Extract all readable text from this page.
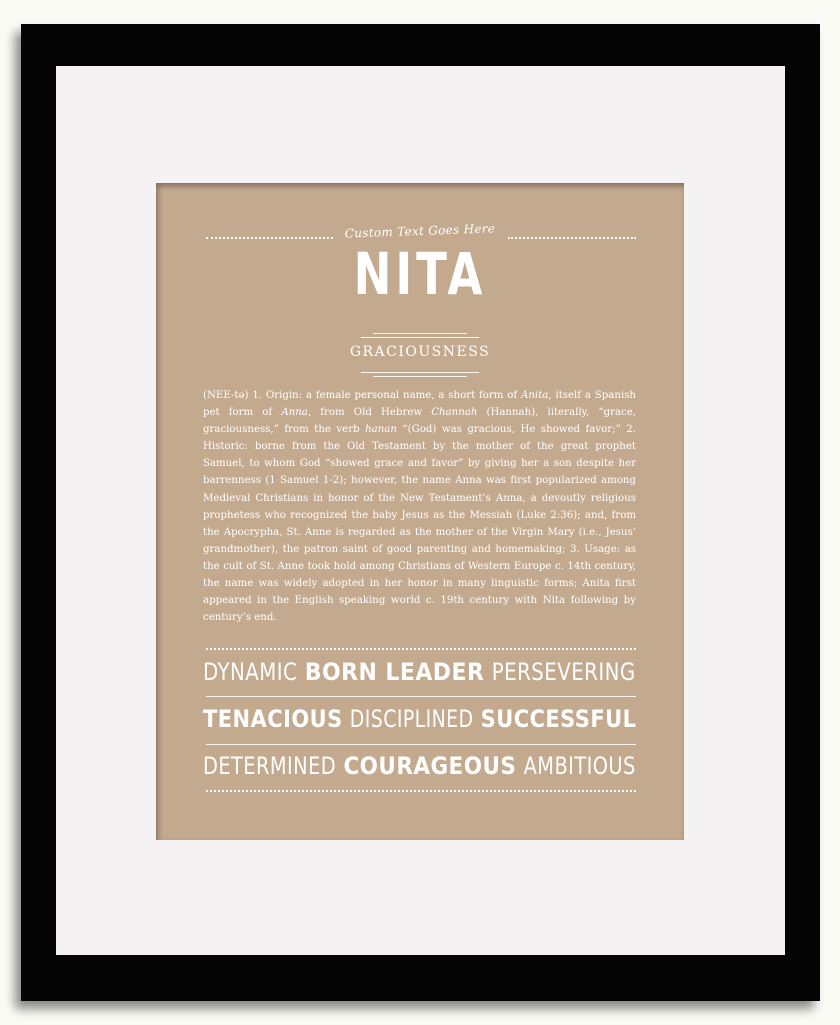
Custom Text Goes Here
NITA
GRACIOUSNESS
(NEE-tə) 1. Origin: a female personal name, a short form of Anita, itself a Spanish pet form of Anna, from Old Hebrew Channah (Hannah), literally, “grace, graciousness,” from the verb hanan “(God) was gracious, He showed favor;” 2. Historic: borne from the Old Testament by the mother of the great prophet Samuel, to whom God “showed grace and favor” by giving her a son despite her barrenness (1 Samuel 1-2); however, the name Anna was first popularized among Medieval Christians in honor of the New Testament’s Anna, a devoutly religious prophetess who recognized the baby Jesus as the Messiah (Luke 2:36); and, from the Apocrypha, St. Anne is regarded as the mother of the Virgin Mary (i.e., Jesus’ grandmother), the patron saint of good parenting and homemaking; 3. Usage: as the cult of St. Anne took hold among Christians of Western Europe c. 14th century, the name was widely adopted in her honor in many linguistic forms; Anita first appeared in the English speaking world c. 19th century with Nita following by century’s end.
DYNAMIC BORN LEADER PERSEVERING
TENACIOUS DISCIPLINED SUCCESSFUL
DETERMINED COURAGEOUS AMBITIOUS
